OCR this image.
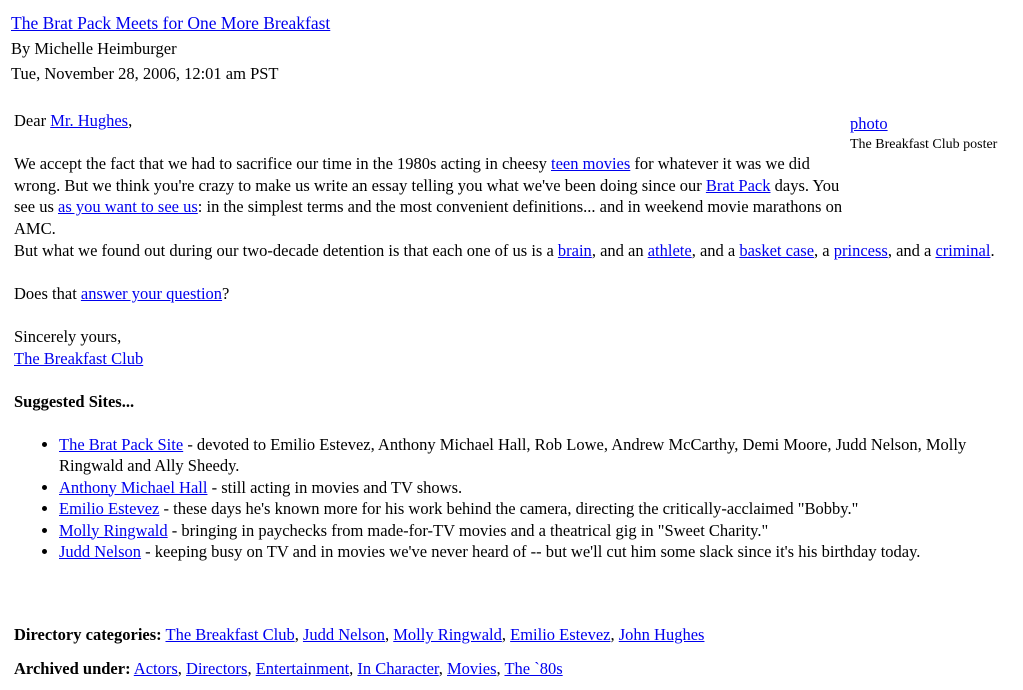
The Brat Pack Meets for One More Breakfast
By Michelle Heimburger
Tue, November 28, 2006, 12:01 am PST
photo
The Breakfast Club poster

Dear Mr. Hughes,

We accept the fact that we had to sacrifice our time in the 1980s acting in cheesy teen movies for whatever it was we did wrong. But we think you're crazy to make us write an essay telling you what we've been doing since our Brat Pack days. You see us as you want to see us: in the simplest terms and the most convenient definitions... and in weekend movie marathons on AMC.

But what we found out during our two-decade detention is that each one of us is a brain, and an athlete, and a basket case, a princess, and a criminal.

Does that answer your question?

Sincerely yours,

The Breakfast Club

Suggested Sites...

• The Brat Pack Site - devoted to Emilio Estevez, Anthony Michael Hall, Rob Lowe, Andrew McCarthy, Demi Moore, Judd Nelson, Molly Ringwald and Ally Sheedy.
• Anthony Michael Hall - still acting in movies and TV shows.
• Emilio Estevez - these days he's known more for his work behind the camera, directing the critically-acclaimed "Bobby."
• Molly Ringwald - bringing in paychecks from made-for-TV movies and a theatrical gig in "Sweet Charity."
• Judd Nelson - keeping busy on TV and in movies we've never heard of -- but we'll cut him some slack since it's his birthday today.
Directory categories: The Breakfast Club, Judd Nelson, Molly Ringwald, Emilio Estevez, John Hughes
Archived under: Actors, Directors, Entertainment, In Character, Movies, The `80s
